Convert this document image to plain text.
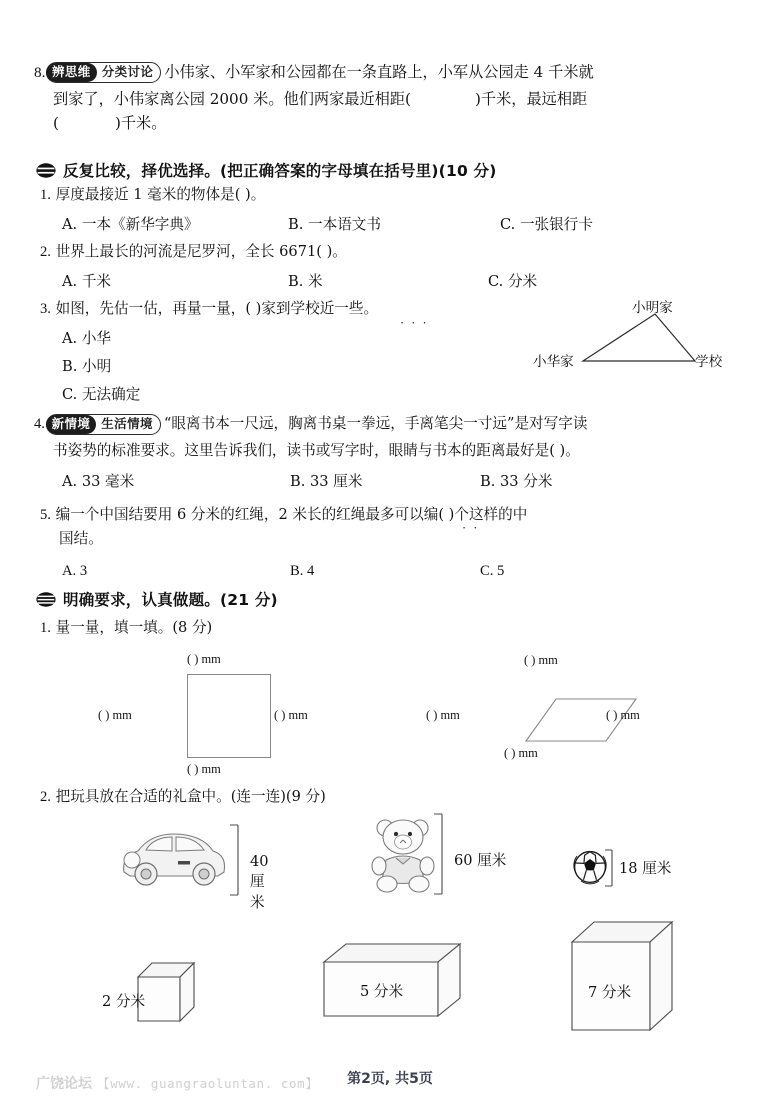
8. 辨思维 分类讨论 小伟家、小军家和公园都在一条直路上，小军从公园走 4 千米就
到家了，小伟家离公园 2000 米。他们两家最近相距(	)千米，最远相距
(	)千米。
反复比较，择优选择。(把正确答案的字母填在括号里)(10 分)
1. 厚度最接近 1 毫米的物体是( )。
A. 一本《新华字典》	B. 一本语文书	C. 一张银行卡
2. 世界上最长的河流是尼罗河，全长 6671( )。
A. 千米	B. 米	C. 分米
3. 如图，先估一估，再量一量，( )家到学校近一些。
· · ·
A. 小华
B. 小明
C. 无法确定
小明家
小华家	学校
4. 新情境 生活情境 “眼离书本一尺远，胸离书桌一拳远，手离笔尖一寸远”是对写字读
书姿势的标准要求。这里告诉我们，读书或写字时，眼睛与书本的距离最好是( )。
A. 33 毫米	B. 33 厘米	B. 33 分米
5. 编一个中国结要用 6 分米的红绳，2 米长的红绳最多可以编( )个这样的中
国结。
· ·
A. 3	B. 4	C. 5
明确要求，认真做题。(21 分)
1. 量一量，填一填。(8 分)
( ) mm
( ) mm	( ) mm
( ) mm
( ) mm
( ) mm	( ) mm
( ) mm
2. 把玩具放在合适的礼盒中。(连一连)(9 分)
40 厘米
60 厘米	18 厘米
2 分米
5 分米	7 分米
第2页, 共5页
广饶论坛 【www. guangraoluntan. com】
